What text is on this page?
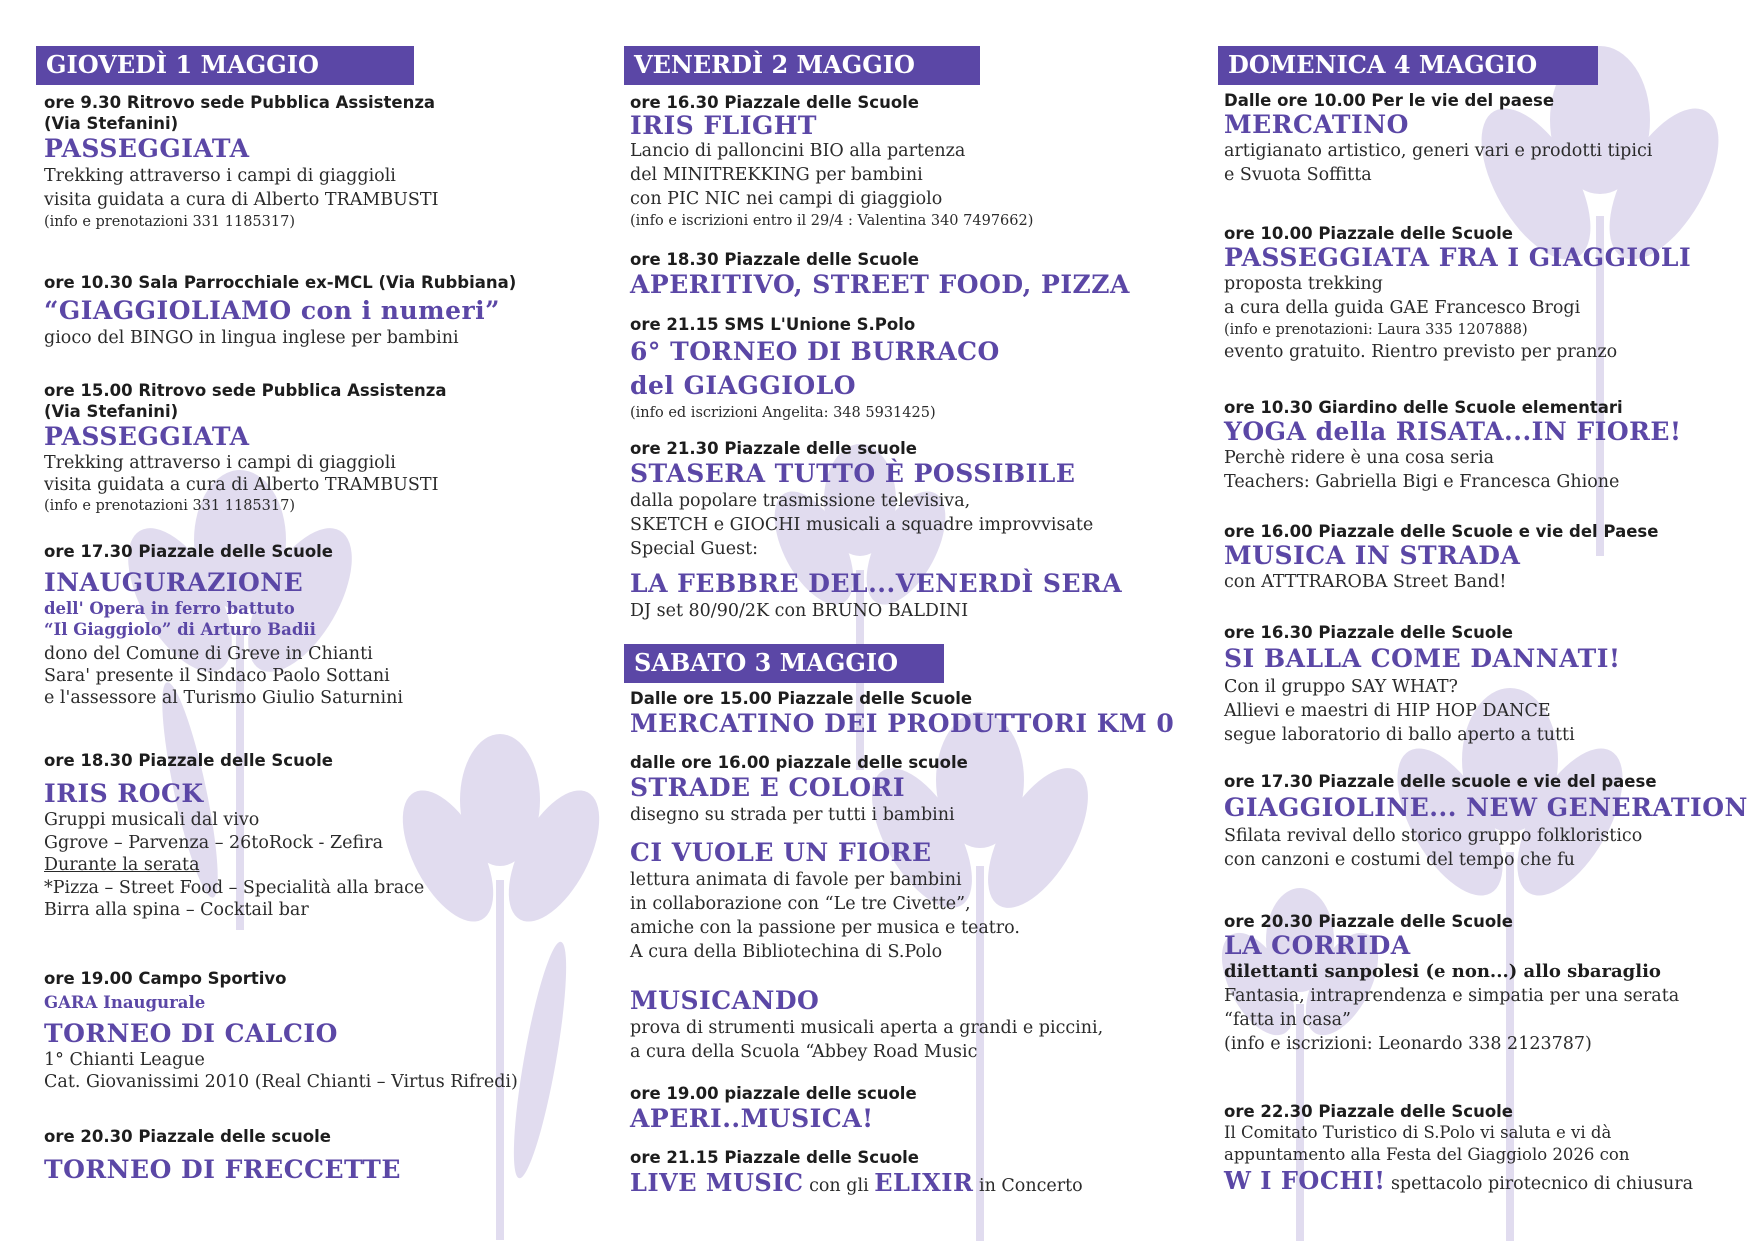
GIOVEDÌ 1 MAGGIO
ore 9.30 Ritrovo sede Pubblica Assistenza
(Via Stefanini)
PASSEGGIATA
Trekking attraverso i campi di giaggioli
visita guidata a cura di Alberto TRAMBUSTI
(info e prenotazioni 331 1185317)
ore 10.30 Sala Parrocchiale ex-MCL (Via Rubbiana)
“GIAGGIOLIAMO con i numeri”
gioco del BINGO in lingua inglese per bambini
ore 15.00 Ritrovo sede Pubblica Assistenza
(Via Stefanini)
PASSEGGIATA
Trekking attraverso i campi di giaggioli
visita guidata a cura di Alberto TRAMBUSTI
(info e prenotazioni 331 1185317)
ore 17.30 Piazzale delle Scuole
INAUGURAZIONE
dell' Opera in ferro battuto
“Il Giaggiolo” di Arturo Badii
dono del Comune di Greve in Chianti
Sara' presente il Sindaco Paolo Sottani
e l'assessore al Turismo Giulio Saturnini
ore 18.30 Piazzale delle Scuole
IRIS ROCK
Gruppi musicali dal vivo
Ggrove – Parvenza – 26toRock - Zefira
Durante la serata
*Pizza – Street Food – Specialità alla brace
Birra alla spina – Cocktail bar
ore 19.00 Campo Sportivo
GARA Inaugurale
TORNEO DI CALCIO
1° Chianti League
Cat. Giovanissimi 2010 (Real Chianti – Virtus Rifredi)
ore 20.30 Piazzale delle scuole
TORNEO DI FRECCETTE
VENERDÌ 2 MAGGIO
ore 16.30 Piazzale delle Scuole
IRIS FLIGHT
Lancio di palloncini BIO alla partenza
del MINITREKKING per bambini
con PIC NIC nei campi di giaggiolo
(info e iscrizioni entro il 29/4 : Valentina 340 7497662)
ore 18.30 Piazzale delle Scuole
APERITIVO, STREET FOOD, PIZZA
ore 21.15 SMS L'Unione S.Polo
6° TORNEO DI BURRACO
del GIAGGIOLO
(info ed iscrizioni Angelita: 348 5931425)
ore 21.30 Piazzale delle scuole
STASERA TUTTO È POSSIBILE
dalla popolare trasmissione televisiva,
SKETCH e GIOCHI musicali a squadre improvvisate
Special Guest:
LA FEBBRE DEL...VENERDÌ SERA
DJ set 80/90/2K con BRUNO BALDINI
SABATO 3 MAGGIO
Dalle ore 15.00 Piazzale delle Scuole
MERCATINO DEI PRODUTTORI KM 0
dalle ore 16.00 piazzale delle scuole
STRADE E COLORI
disegno su strada per tutti i bambini
CI VUOLE UN FIORE
lettura animata di favole per bambini
in collaborazione con “Le tre Civette”,
amiche con la passione per musica e teatro.
A cura della Bibliotechina di S.Polo
MUSICANDO
prova di strumenti musicali aperta a grandi e piccini,
a cura della Scuola “Abbey Road Music
ore 19.00 piazzale delle scuole
APERI..MUSICA!
ore 21.15 Piazzale delle Scuole
LIVE MUSIC con gli ELIXIR in Concerto
DOMENICA 4 MAGGIO
Dalle ore 10.00 Per le vie del paese
MERCATINO
artigianato artistico, generi vari e prodotti tipici
e Svuota Soffitta
ore 10.00 Piazzale delle Scuole
PASSEGGIATA FRA I GIAGGIOLI
proposta trekking
a cura della guida GAE Francesco Brogi
(info e prenotazioni: Laura 335 1207888)
evento gratuito. Rientro previsto per pranzo
ore 10.30 Giardino delle Scuole elementari
YOGA della RISATA...IN FIORE!
Perchè ridere è una cosa seria
Teachers: Gabriella Bigi e Francesca Ghione
ore 16.00 Piazzale delle Scuole e vie del Paese
MUSICA IN STRADA
con ATTTRAROBA Street Band!
ore 16.30 Piazzale delle Scuole
SI BALLA COME DANNATI!
Con il gruppo SAY WHAT?
Allievi e maestri di HIP HOP DANCE
segue laboratorio di ballo aperto a tutti
ore 17.30 Piazzale delle scuole e vie del paese
GIAGGIOLINE... NEW GENERATION
Sfilata revival dello storico gruppo folkloristico
con canzoni e costumi del tempo che fu
ore 20.30 Piazzale delle Scuole
LA CORRIDA
dilettanti sanpolesi (e non...) allo sbaraglio
Fantasia, intraprendenza e simpatia per una serata
“fatta in casa”
(info e iscrizioni: Leonardo 338 2123787)
ore 22.30 Piazzale delle Scuole
Il Comitato Turistico di S.Polo vi saluta e vi dà
appuntamento alla Festa del Giaggiolo 2026 con
W I FOCHI! spettacolo pirotecnico di chiusura
